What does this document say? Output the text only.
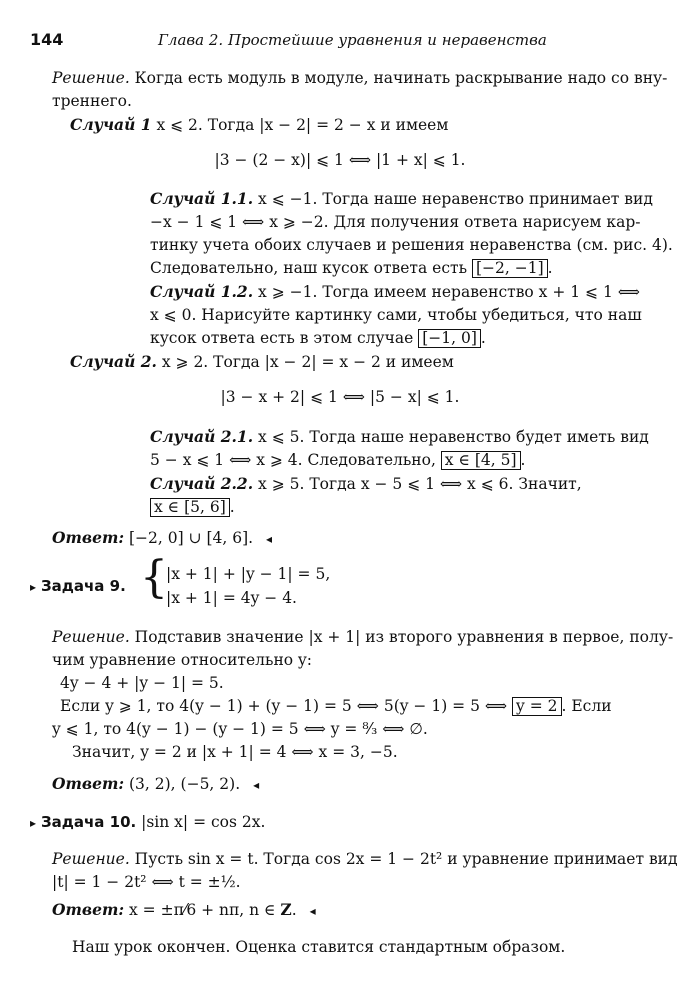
144	Глава 2. Простейшие уравнения и неравенства
Решение. Когда есть модуль в модуле, начинать раскрывание надо со вну-
треннего.
Случай 1 x ⩽ 2. Тогда |x − 2| = 2 − x и имеем
|3 − (2 − x)| ⩽ 1 ⟺ |1 + x| ⩽ 1.
Случай 1.1. x ⩽ −1. Тогда наше неравенство принимает вид
−x − 1 ⩽ 1 ⟺ x ⩾ −2. Для получения ответа нарисуем кар-
тинку учета обоих случаев и решения неравенства (см. рис. 4).
Следовательно, наш кусок ответа есть [−2, −1] .
Случай 1.2. x ⩾ −1. Тогда имеем неравенство x + 1 ⩽ 1 ⟺
x ⩽ 0. Нарисуйте картинку сами, чтобы убедиться, что наш
кусок ответа есть в этом случае [−1, 0] .
Случай 2. x ⩾ 2. Тогда |x − 2| = x − 2 и имеем
|3 − x + 2| ⩽ 1 ⟺ |5 − x| ⩽ 1.
Случай 2.1. x ⩽ 5. Тогда наше неравенство будет иметь вид
5 − x ⩽ 1 ⟺ x ⩾ 4. Следовательно, x ∈ [4, 5] .
Случай 2.2. x ⩾ 5. Тогда x − 5 ⩽ 1 ⟺ x ⩽ 6. Значит,
x ∈ [5, 6] .
Ответ: [−2, 0] ∪ [4, 6]. ◂
▸ Задача 9. {
|x + 1| + |y − 1| = 5,
|x + 1| = 4y − 4.
Решение. Подставив значение |x + 1| из второго уравнения в первое, полу-
чим уравнение относительно y:
4y − 4 + |y − 1| = 5.
Если y ⩾ 1, то 4(y − 1) + (y − 1) = 5 ⟺ 5(y − 1) = 5 ⟺ y = 2 . Если
y ⩽ 1, то 4(y − 1) − (y − 1) = 5 ⟺ y = ⁸⁄₃ ⟺ ∅.
Значит, y = 2 и |x + 1| = 4 ⟺ x = 3, −5.
Ответ: (3, 2), (−5, 2). ◂
▸ Задача 10. |sin x| = cos 2x.
Решение. Пусть sin x = t. Тогда cos 2x = 1 − 2t² и уравнение принимает вид
|t| = 1 − 2t² ⟺ t = ±½.
Ответ: x = ±π⁄6 + nπ, n ∈ Z. ◂
Наш урок окончен. Оценка ставится стандартным образом.
